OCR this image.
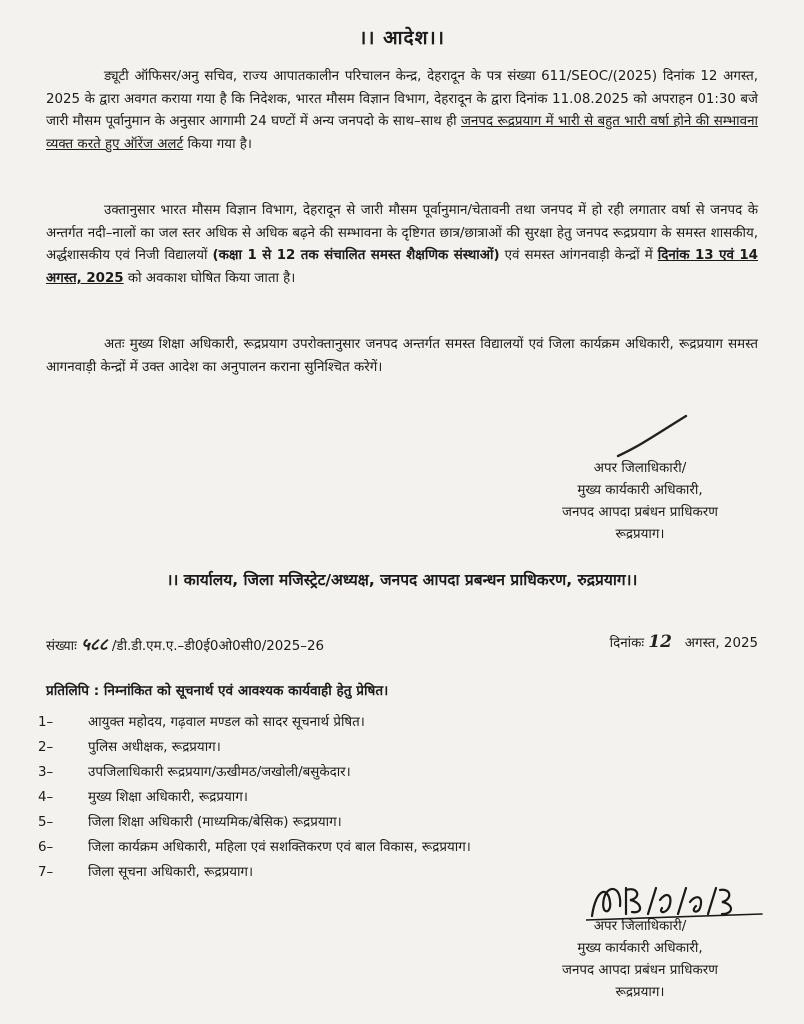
।। आदेश।।
ड्यूटी ऑफिसर/अनु सचिव, राज्य आपातकालीन परिचालन केन्द्र, देहरादून के पत्र संख्या 611/SEOC/(2025) दिनांक 12 अगस्त, 2025 के द्वारा अवगत कराया गया है कि निदेशक, भारत मौसम विज्ञान विभाग, देहरादून के द्वारा दिनांक 11.08.2025 को अपराहन 01:30 बजे जारी मौसम पूर्वानुमान के अनुसार आगामी 24 घण्टों में अन्य जनपदो के साथ–साथ ही जनपद रूद्रप्रयाग में भारी से बहुत भारी वर्षा होने की सम्भावना व्यक्त करते हुए ऑरेंज अलर्ट किया गया है।
उक्तानुसार भारत मौसम विज्ञान विभाग, देहरादून से जारी मौसम पूर्वानुमान/चेतावनी तथा जनपद में हो रही लगातार वर्षा से जनपद के अन्तर्गत नदी–नालों का जल स्तर अधिक से अधिक बढ़ने की सम्भावना के दृष्टिगत छात्र/छात्राओं की सुरक्षा हेतु जनपद रूद्रप्रयाग के समस्त शासकीय, अर्द्धशासकीय एवं निजी विद्यालयों (कक्षा 1 से 12 तक संचालित समस्त शैक्षणिक संस्थाओं) एवं समस्त आंगनवाड़ी केन्द्रों में दिनांक 13 एवं 14 अगस्त, 2025 को अवकाश घोषित किया जाता है।
अतः मुख्य शिक्षा अधिकारी, रूद्रप्रयाग उपरोक्तानुसार जनपद अन्तर्गत समस्त विद्यालयों एवं जिला कार्यक्रम अधिकारी, रूद्रप्रयाग समस्त आगनवाड़ी केन्द्रों में उक्त आदेश का अनुपालन कराना सुनिश्चित करेगें।
अपर जिलाधिकारी/
मुख्य कार्यकारी अधिकारी,
जनपद आपदा प्रबंधन प्राधिकरण
रूद्रप्रयाग।
।। कार्यालय, जिला मजिस्ट्रेट/अध्यक्ष, जनपद आपदा प्रबन्धन प्राधिकरण, रुद्रप्रयाग।।
संख्याः ५८८ /डी.डी.एम.ए.–डी0ई0ओ0सी0/2025–26	दिनांकः 12 अगस्त, 2025
प्रतिलिपि : निम्नांकित को सूचनार्थ एवं आवश्यक कार्यवाही हेतु प्रेषित।
1–	आयुक्त महोदय, गढ़वाल मण्डल को सादर सूचनार्थ प्रेषित।
2–	पुलिस अधीक्षक, रूद्रप्रयाग।
3–	उपजिलाधिकारी रूद्रप्रयाग/ऊखीमठ/जखोली/बसुकेदार।
4–	मुख्य शिक्षा अधिकारी, रूद्रप्रयाग।
5–	जिला शिक्षा अधिकारी (माध्यमिक/बेसिक) रूद्रप्रयाग।
6–	जिला कार्यक्रम अधिकारी, महिला एवं सशक्तिकरण एवं बाल विकास, रूद्रप्रयाग।
7–	जिला सूचना अधिकारी, रूद्रप्रयाग।
अपर जिलाधिकारी/
मुख्य कार्यकारी अधिकारी,
जनपद आपदा प्रबंधन प्राधिकरण
रूद्रप्रयाग।
